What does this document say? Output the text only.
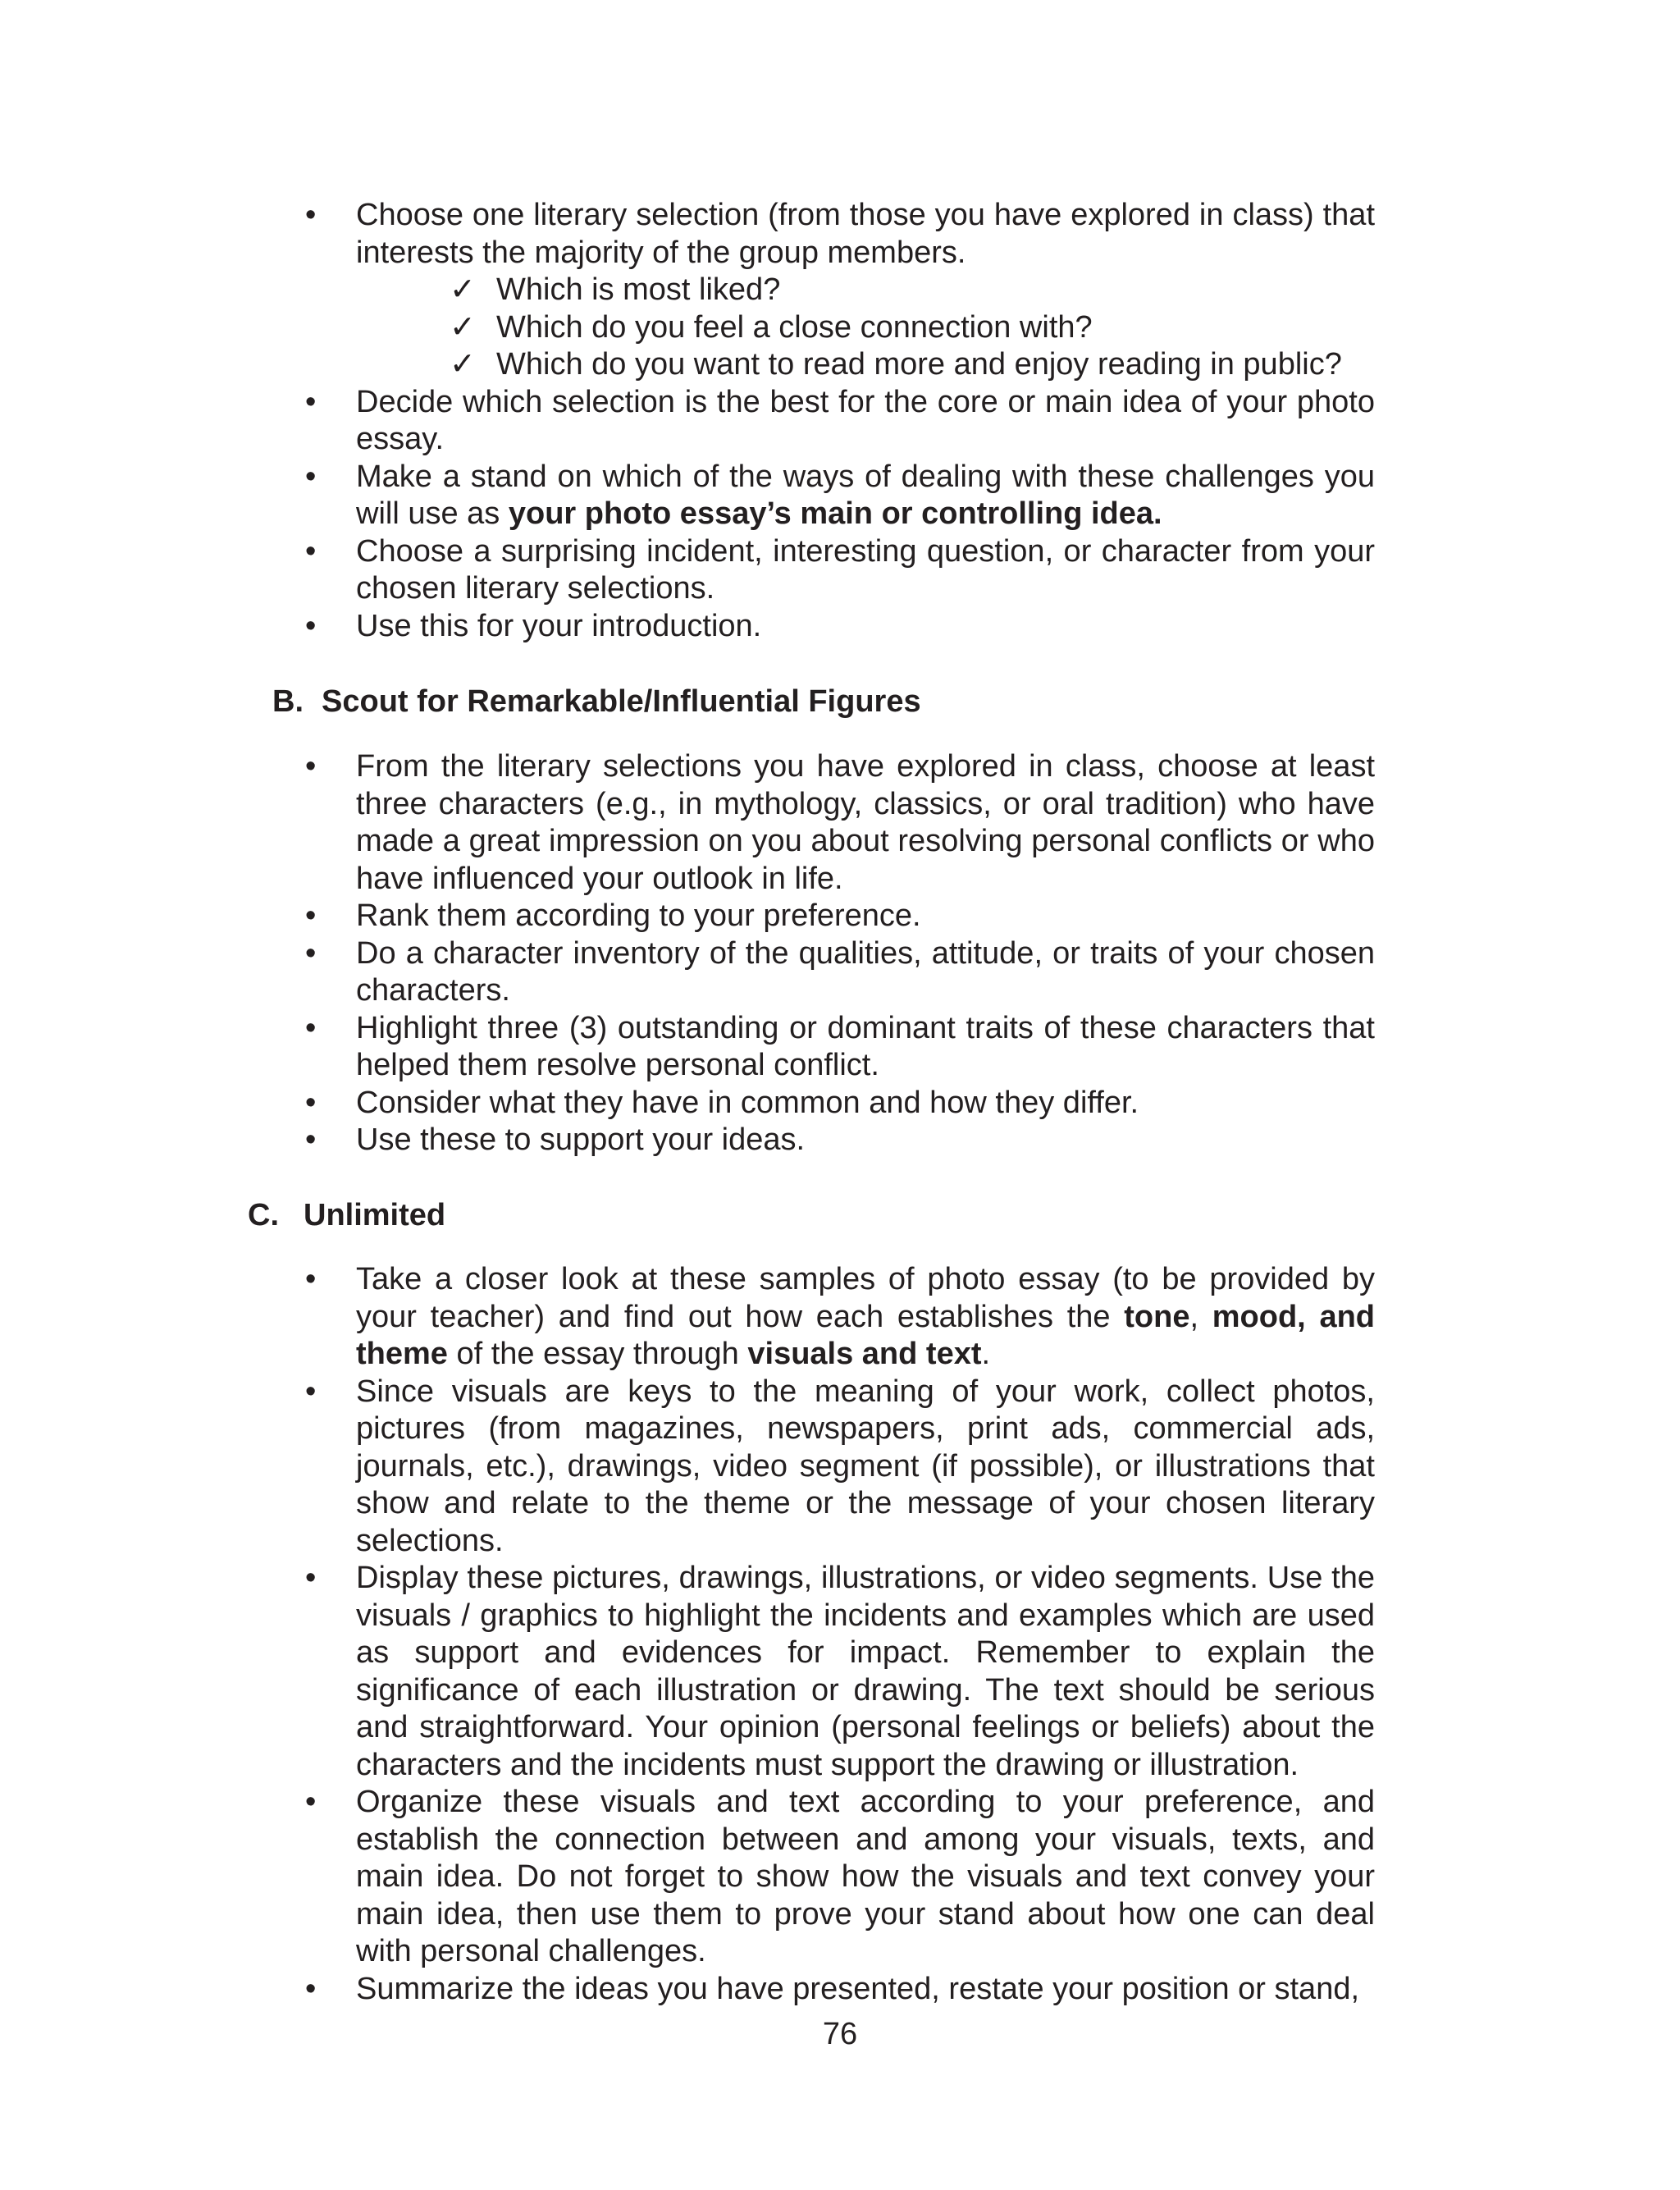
•	Choose one literary selection (from those you have explored in class) that interests the majority of the group members.
✓ Which is most liked?
✓ Which do you feel a close connection with?
✓ Which do you want to read more and enjoy reading in public?
•	Decide which selection is the best for the core or main idea of your photo essay.
•	Make a stand on which of the ways of dealing with these challenges you will use as your photo essay’s main or controlling idea.
•	Choose a surprising incident, interesting question, or character from your chosen literary selections.
•	Use this for your introduction.
B. Scout for Remarkable/Influential Figures
•	From the literary selections you have explored in class, choose at least three characters (e.g., in mythology, classics, or oral tradition) who have made a great impression on you about resolving personal conflicts or who have influenced your outlook in life.
•	Rank them according to your preference.
•	Do a character inventory of the qualities, attitude, or traits of your chosen characters.
•	Highlight three (3) outstanding or dominant traits of these characters that helped them resolve personal conflict.
•	Consider what they have in common and how they differ.
•	Use these to support your ideas.
C. Unlimited
•	Take a closer look at these samples of photo essay (to be provided by your teacher) and find out how each establishes the tone, mood, and theme of the essay through visuals and text.
•	Since visuals are keys to the meaning of your work, collect photos, pictures (from magazines, newspapers, print ads, commercial ads, journals, etc.), drawings, video segment (if possible), or illustrations that show and relate to the theme or the message of your chosen literary selections.
•	Display these pictures, drawings, illustrations, or video segments. Use the visuals / graphics to highlight the incidents and examples which are used as support and evidences for impact. Remember to explain the significance of each illustration or drawing. The text should be serious and straightforward. Your opinion (personal feelings or beliefs) about the characters and the incidents must support the drawing or illustration.
•	Organize these visuals and text according to your preference, and establish the connection between and among your visuals, texts, and main idea. Do not forget to show how the visuals and text convey your main idea, then use them to prove your stand about how one can deal with personal challenges.
•	Summarize the ideas you have presented, restate your position or stand,
76
